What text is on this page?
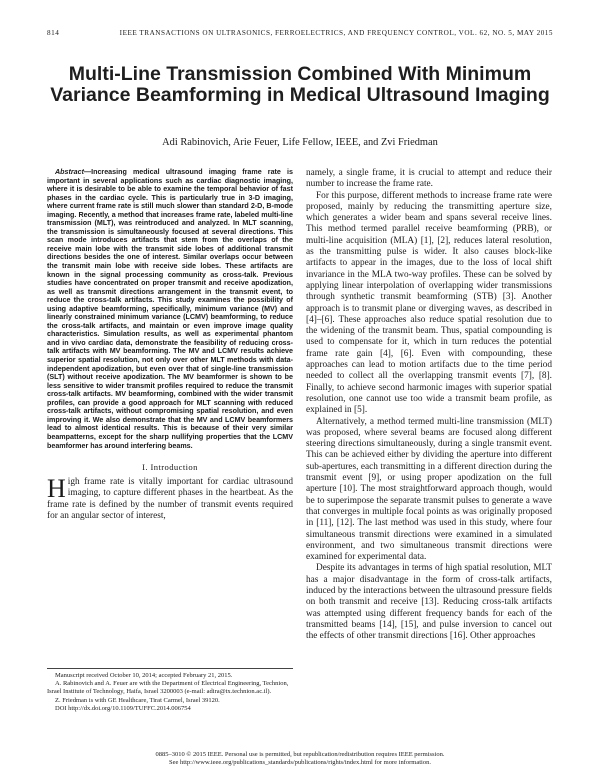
814	IEEE TRANSACTIONS ON ULTRASONICS, FERROELECTRICS, AND FREQUENCY CONTROL, VOL. 62, NO. 5, MAY 2015
Multi-Line Transmission Combined With Minimum Variance Beamforming in Medical Ultrasound Imaging
Adi Rabinovich, Arie Feuer, Life Fellow, IEEE, and Zvi Friedman

Abstract—Increasing medical ultrasound imaging frame rate is important in several applications such as cardiac diagnostic imaging, where it is desirable to be able to examine the temporal behavior of fast phases in the cardiac cycle. This is particularly true in 3-D imaging, where current frame rate is still much slower than standard 2-D, B-mode imaging. Recently, a method that increases frame rate, labeled multi-line transmission (MLT), was reintroduced and analyzed. In MLT scanning, the transmission is simultaneously focused at several directions. This scan mode introduces artifacts that stem from the overlaps of the receive main lobe with the transmit side lobes of additional transmit directions besides the one of interest. Similar overlaps occur between the transmit main lobe with receive side lobes. These artifacts are known in the signal processing community as cross-talk. Previous studies have concentrated on proper transmit and receive apodization, as well as transmit directions arrangement in the transmit event, to reduce the cross-talk artifacts. This study examines the possibility of using adaptive beamforming, specifically, minimum variance (MV) and linearly constrained minimum variance (LCMV) beamforming, to reduce the cross-talk artifacts, and maintain or even improve image quality characteristics. Simulation results, as well as experimental phantom and in vivo cardiac data, demonstrate the feasibility of reducing cross-talk artifacts with MV beamforming. The MV and LCMV results achieve superior spatial resolution, not only over other MLT methods with data-independent apodization, but even over that of single-line transmission (SLT) without receive apodization. The MV beamformer is shown to be less sensitive to wider transmit profiles required to reduce the transmit cross-talk artifacts. MV beamforming, combined with the wider transmit profiles, can provide a good approach for MLT scanning with reduced cross-talk artifacts, without compromising spatial resolution, and even improving it. We also demonstrate that the MV and LCMV beamformers lead to almost identical results. This is because of their very similar beampatterns, except for the sharp nullifying properties that the LCMV beamformer has around interfering beams.

I. Introduction
High frame rate is vitally important for cardiac ultrasound imaging, to capture different phases in the heartbeat. As the frame rate is defined by the number of transmit events required for an angular sector of interest,

namely, a single frame, it is crucial to attempt and reduce their number to increase the frame rate.

For this purpose, different methods to increase frame rate were proposed, mainly by reducing the transmitting aperture size, which generates a wider beam and spans several receive lines. This method termed parallel receive beamforming (PRB), or multi-line acquisition (MLA) [1], [2], reduces lateral resolution, as the transmitting pulse is wider. It also causes block-like artifacts to appear in the images, due to the loss of local shift invariance in the MLA two-way profiles. These can be solved by applying linear interpolation of overlapping wider transmissions through synthetic transmit beamforming (STB) [3]. Another approach is to transmit plane or diverging waves, as described in [4]–[6]. These approaches also reduce spatial resolution due to the widening of the transmit beam. Thus, spatial compounding is used to compensate for it, which in turn reduces the potential frame rate gain [4], [6]. Even with compounding, these approaches can lead to motion artifacts due to the time period needed to collect all the overlapping transmit events [7], [8]. Finally, to achieve second harmonic images with superior spatial resolution, one cannot use too wide a transmit beam profile, as explained in [5].

Alternatively, a method termed multi-line transmission (MLT) was proposed, where several beams are focused along different steering directions simultaneously, during a single transmit event. This can be achieved either by dividing the aperture into different sub-apertures, each transmitting in a different direction during the transmit event [9], or using proper apodization on the full aperture [10]. The most straightforward approach though, would be to superimpose the separate transmit pulses to generate a wave that converges in multiple focal points as was originally proposed in [11], [12]. The last method was used in this study, where four simultaneous transmit directions were examined in a simulated environment, and two simultaneous transmit directions were examined for experimental data.

Despite its advantages in terms of high spatial resolution, MLT has a major disadvantage in the form of cross-talk artifacts, induced by the interactions between the ultrasound pressure fields on both transmit and receive [13]. Reducing cross-talk artifacts was attempted using different frequency bands for each of the transmitted beams [14], [15], and pulse inversion to cancel out the effects of other transmit directions [16]. Other approaches

Manuscript received October 10, 2014; accepted February 21, 2015.

A. Rabinovich and A. Feuer are with the Department of Electrical Engineering, Technion, Israel Institute of Technology, Haifa, Israel 3200003 (e-mail: adira@tx.technion.ac.il).

Z. Friedman is with GE Healthcare, Tirat Carmel, Israel 39120.

DOI http://dx.doi.org/10.1109/TUFFC.2014.006754

0885–3010 © 2015 IEEE. Personal use is permitted, but republication/redistribution requires IEEE permission.
See http://www.ieee.org/publications_standards/publications/rights/index.html for more information.
